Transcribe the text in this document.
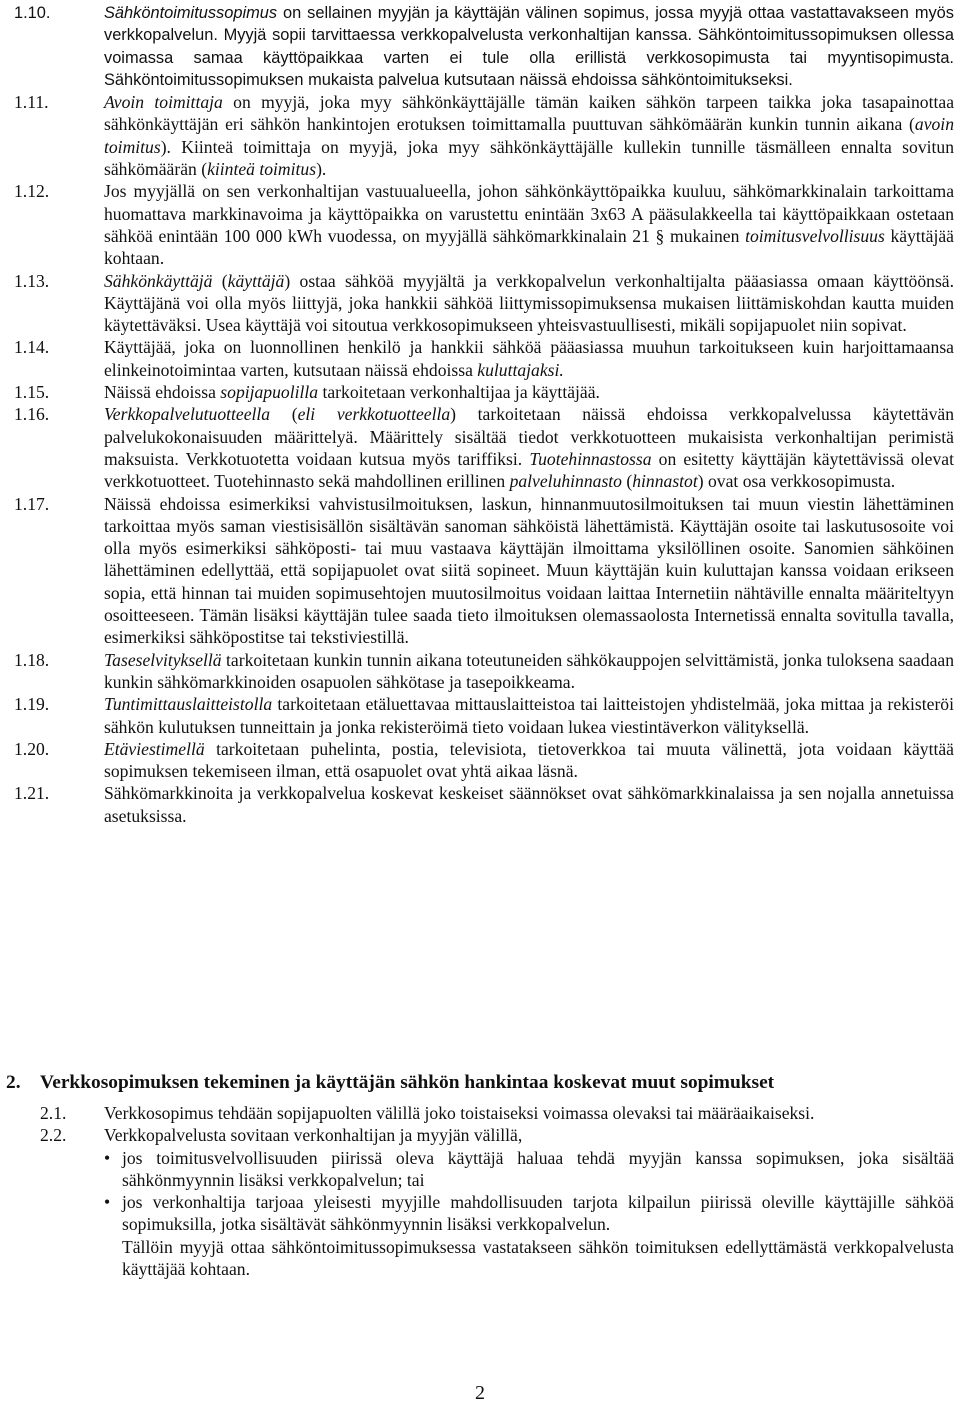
1.10.	Sähköntoimitussopimus on sellainen myyjän ja käyttäjän välinen sopimus, jossa myyjä ottaa vastattavakseen myös verkkopalvelun. Myyjä sopii tarvittaessa verkkopalvelusta verkonhaltijan kanssa. Sähköntoimitussopimuksen ollessa voimassa samaa käyttöpaikkaa varten ei tule olla erillistä verkkosopimusta tai myyntisopimusta. Sähköntoimitussopimuksen mukaista palvelua kutsutaan näissä ehdoissa sähköntoimitukseksi.
1.11.	Avoin toimittaja on myyjä, joka myy sähkönkäyttäjälle tämän kaiken sähkön tarpeen taikka joka tasapainottaa sähkönkäyttäjän eri sähkön hankintojen erotuksen toimittamalla puuttuvan sähkömäärän kunkin tunnin aikana (avoin toimitus). Kiinteä toimittaja on myyjä, joka myy sähkönkäyttäjälle kullekin tunnille täsmälleen ennalta sovitun sähkömäärän (kiinteä toimitus).
1.12.	Jos myyjällä on sen verkonhaltijan vastuualueella, johon sähkönkäyttöpaikka kuuluu, sähkömarkkinalain tarkoittama huomattava markkinavoima ja käyttöpaikka on varustettu enintään 3x63 A pääsulakkeella tai käyttöpaikkaan ostetaan sähköä enintään 100 000 kWh vuodessa, on myyjällä sähkömarkkinalain 21 § mukainen toimitusvelvollisuus käyttäjää kohtaan.
1.13.	Sähkönkäyttäjä (käyttäjä) ostaa sähköä myyjältä ja verkkopalvelun verkonhaltijalta pääasiassa omaan käyttöönsä. Käyttäjänä voi olla myös liittyjä, joka hankkii sähköä liittymissopimuksensa mukaisen liittämiskohdan kautta muiden käytettäväksi. Usea käyttäjä voi sitoutua verkkosopimukseen yhteisvastuullisesti, mikäli sopijapuolet niin sopivat.
1.14.	Käyttäjää, joka on luonnollinen henkilö ja hankkii sähköä pääasiassa muuhun tarkoitukseen kuin harjoittamaansa elinkeinotoimintaa varten, kutsutaan näissä ehdoissa kuluttajaksi.
1.15.	Näissä ehdoissa sopijapuolilla tarkoitetaan verkonhaltijaa ja käyttäjää.
1.16.	Verkkopalvelutuotteella (eli verkkotuotteella) tarkoitetaan näissä ehdoissa verkkopalvelussa käytettävän palvelukokonaisuuden määrittelyä. Määrittely sisältää tiedot verkkotuotteen mukaisista verkonhaltijan perimistä maksuista. Verkkotuotetta voidaan kutsua myös tariffiksi. Tuotehinnastossa on esitetty käyttäjän käytettävissä olevat verkkotuotteet. Tuotehinnasto sekä mahdollinen erillinen palveluhinnasto (hinnastot) ovat osa verkkosopimusta.
1.17.	Näissä ehdoissa esimerkiksi vahvistusilmoituksen, laskun, hinnanmuutosilmoituksen tai muun viestin lähettäminen tarkoittaa myös saman viestisisällön sisältävän sanoman sähköistä lähettämistä. Käyttäjän osoite tai laskutusosoite voi olla myös esimerkiksi sähköposti- tai muu vastaava käyttäjän ilmoittama yksilöllinen osoite. Sanomien sähköinen lähettäminen edellyttää, että sopijapuolet ovat siitä sopineet. Muun käyttäjän kuin kuluttajan kanssa voidaan erikseen sopia, että hinnan tai muiden sopimusehtojen muutosilmoitus voidaan laittaa Internetiin nähtäville ennalta määriteltyyn osoitteeseen. Tämän lisäksi käyttäjän tulee saada tieto ilmoituksen olemassaolosta Internetissä ennalta sovitulla tavalla, esimerkiksi sähköpostitse tai tekstiviestillä.
1.18.	Taseselvityksellä tarkoitetaan kunkin tunnin aikana toteutuneiden sähkökauppojen selvittämistä, jonka tuloksena saadaan kunkin sähkömarkkinoiden osapuolen sähkötase ja tasepoikkeama.
1.19.	Tuntimittauslaitteistolla tarkoitetaan etäluettavaa mittauslaitteistoa tai laitteistojen yhdistelmää, joka mittaa ja rekisteröi sähkön kulutuksen tunneittain ja jonka rekisteröimä tieto voidaan lukea viestintäverkon välityksellä.
1.20.	Etäviestimellä tarkoitetaan puhelinta, postia, televisiota, tietoverkkoa tai muuta välinettä, jota voidaan käyttää sopimuksen tekemiseen ilman, että osapuolet ovat yhtä aikaa läsnä.
1.21.	Sähkömarkkinoita ja verkkopalvelua koskevat keskeiset säännökset ovat sähkömarkkinalaissa ja sen nojalla annetuissa asetuksissa.
2. Verkkosopimuksen tekeminen ja käyttäjän sähkön hankintaa koskevat muut sopimukset
2.1. Verkkosopimus tehdään sopijapuolten välillä joko toistaiseksi voimassa olevaksi tai määräaikaiseksi.
2.2. Verkkopalvelusta sovitaan verkonhaltijan ja myyjän välillä,
• jos toimitusvelvollisuuden piirissä oleva käyttäjä haluaa tehdä myyjän kanssa sopimuksen, joka sisältää sähkönmyynnin lisäksi verkkopalvelun; tai
• jos verkonhaltija tarjoaa yleisesti myyjille mahdollisuuden tarjota kilpailun piirissä oleville käyttäjille sähköä sopimuksilla, jotka sisältävät sähkönmyynnin lisäksi verkkopalvelun.
Tällöin myyjä ottaa sähköntoimitussopimuksessa vastatakseen sähkön toimituksen edellyttämästä verkkopalvelusta käyttäjää kohtaan.
2
